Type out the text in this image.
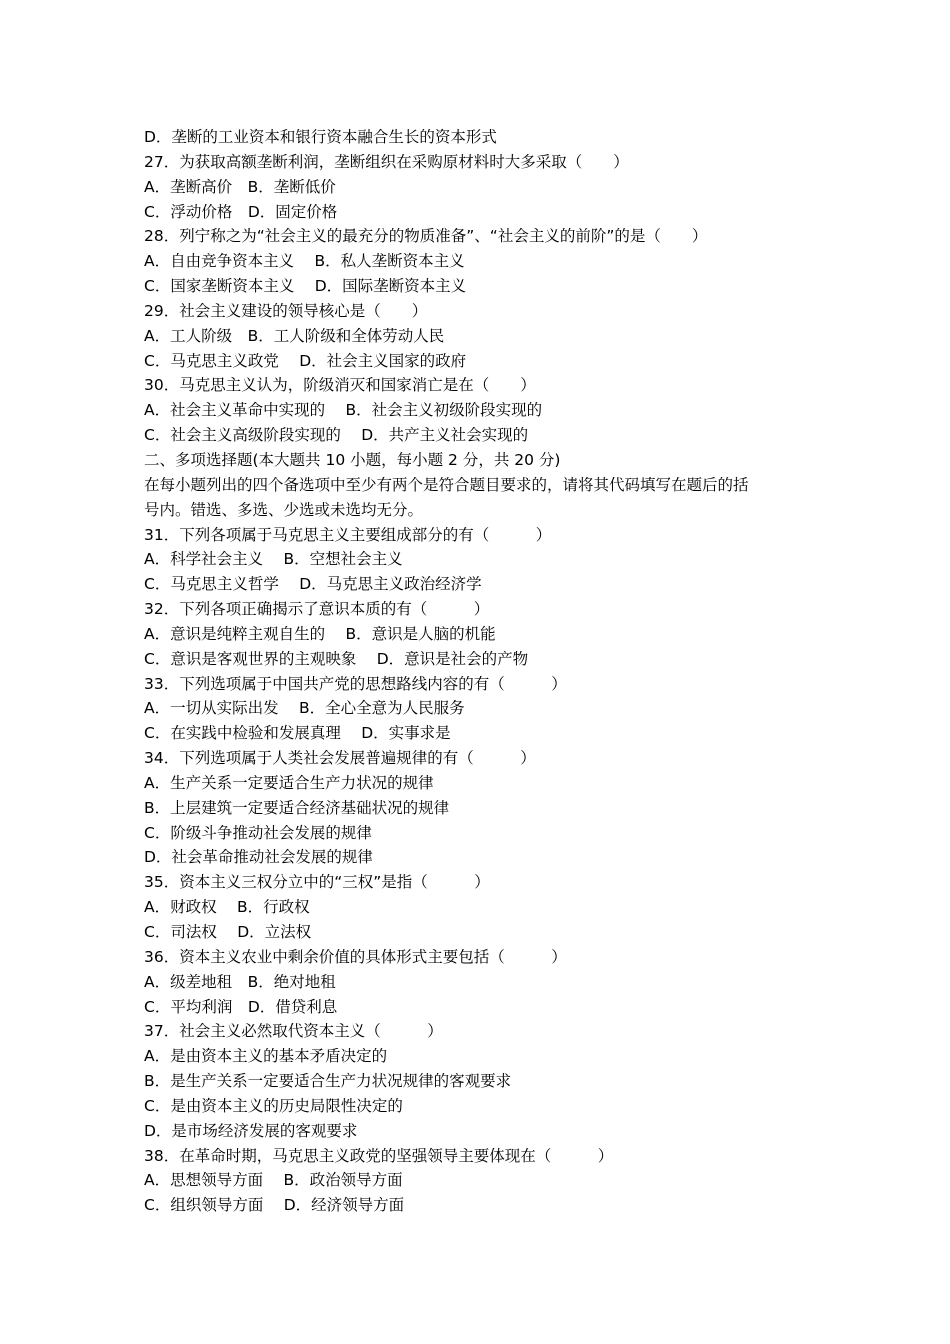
D．垄断的工业资本和银行资本融合生长的资本形式
27．为获取高额垄断利润，垄断组织在采购原材料时大多采取（　　）
A．垄断高价　B．垄断低价
C．浮动价格　D．固定价格
28．列宁称之为“社会主义的最充分的物质准备”、“社会主义的前阶”的是（　　）
A．自由竞争资本主义　 B．私人垄断资本主义
C．国家垄断资本主义　 D．国际垄断资本主义
29．社会主义建设的领导核心是（　　）
A．工人阶级　B．工人阶级和全体劳动人民
C．马克思主义政党　 D．社会主义国家的政府
30．马克思主义认为，阶级消灭和国家消亡是在（　　）
A．社会主义革命中实现的　 B．社会主义初级阶段实现的
C．社会主义高级阶段实现的　 D．共产主义社会实现的
二、多项选择题(本大题共 10 小题，每小题 2 分，共 20 分)
在每小题列出的四个备选项中至少有两个是符合题目要求的，请将其代码填写在题后的括
号内。错选、多选、少选或未选均无分。
31．下列各项属于马克思主义主要组成部分的有（　　　）
A．科学社会主义　 B．空想社会主义
C．马克思主义哲学　 D．马克思主义政治经济学
32．下列各项正确揭示了意识本质的有（　　　）
A．意识是纯粹主观自生的　 B．意识是人脑的机能
C．意识是客观世界的主观映象　 D．意识是社会的产物
33．下列选项属于中国共产党的思想路线内容的有（　　　）
A．一切从实际出发　 B．全心全意为人民服务
C．在实践中检验和发展真理　 D．实事求是
34．下列选项属于人类社会发展普遍规律的有（　　　）
A．生产关系一定要适合生产力状况的规律
B．上层建筑一定要适合经济基础状况的规律
C．阶级斗争推动社会发展的规律
D．社会革命推动社会发展的规律
35．资本主义三权分立中的“三权”是指（　　　）
A．财政权　 B．行政权
C．司法权　 D．立法权
36．资本主义农业中剩余价值的具体形式主要包括（　　　）
A．级差地租　B．绝对地租
C．平均利润　D．借贷利息
37．社会主义必然取代资本主义（　　　）
A．是由资本主义的基本矛盾决定的
B．是生产关系一定要适合生产力状况规律的客观要求
C．是由资本主义的历史局限性决定的
D．是市场经济发展的客观要求
38．在革命时期，马克思主义政党的坚强领导主要体现在（　　　）
A．思想领导方面　 B．政治领导方面
C．组织领导方面　 D．经济领导方面
